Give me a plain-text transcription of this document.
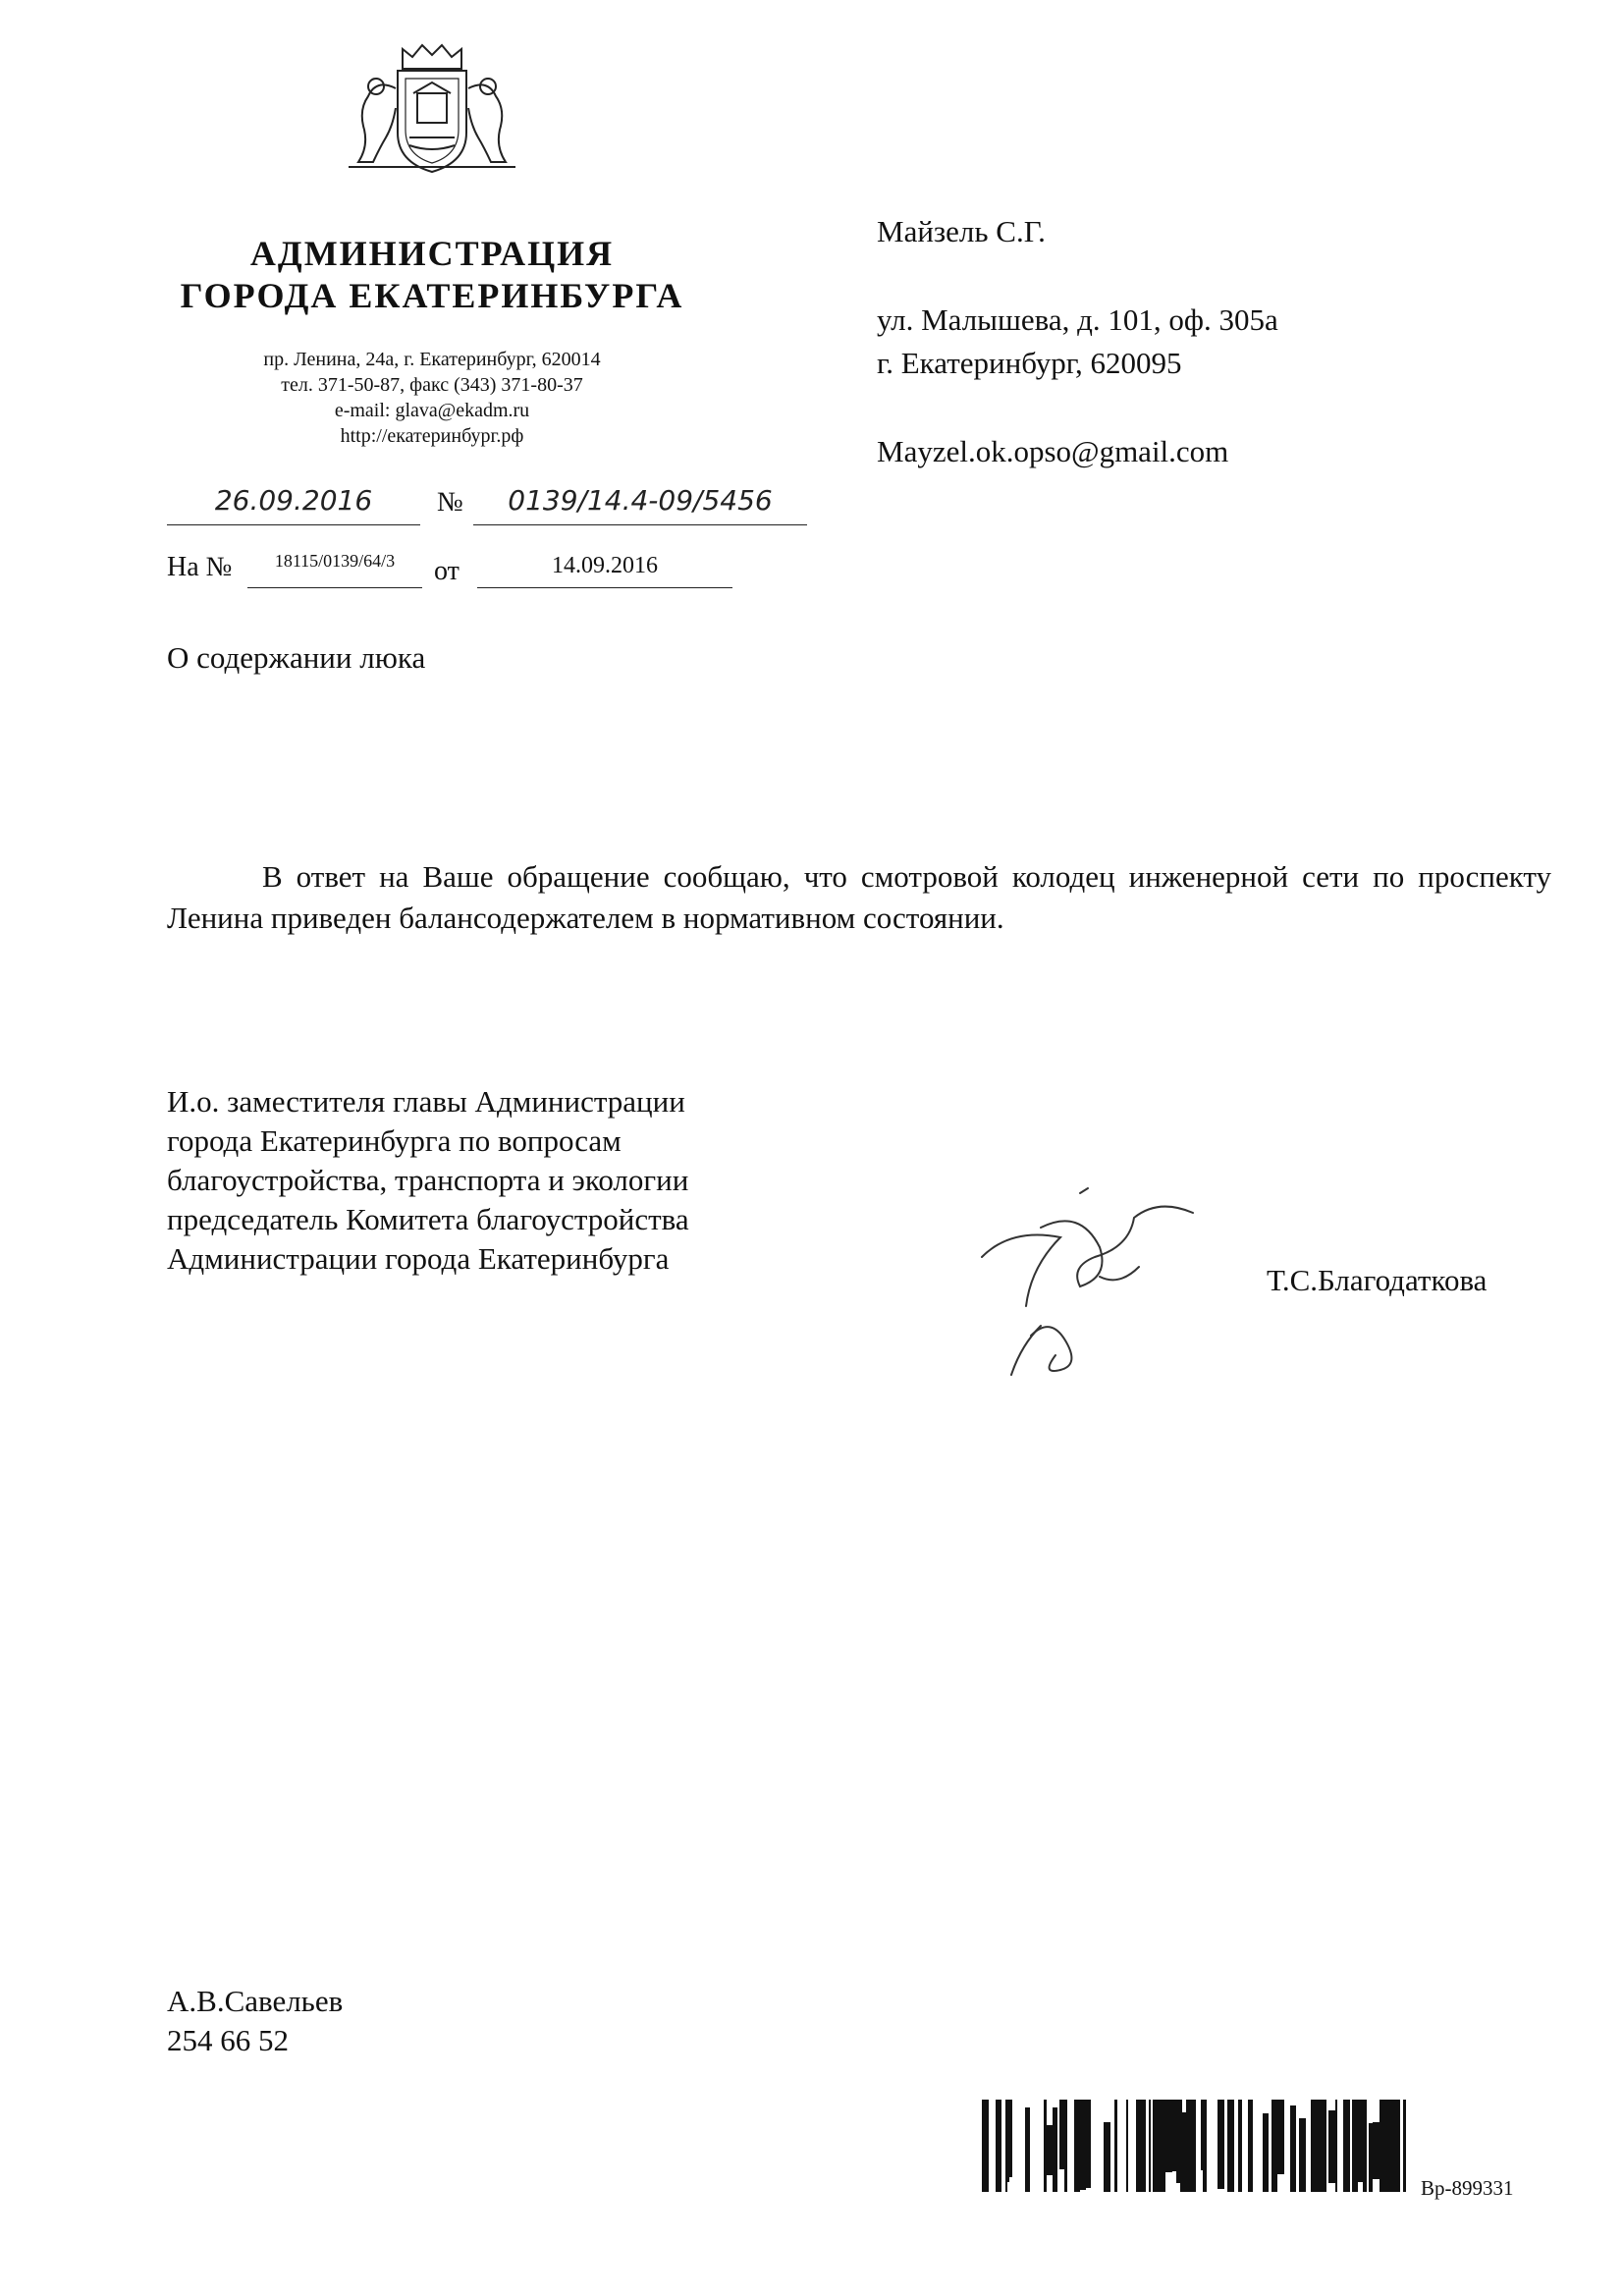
АДМИНИСТРАЦИЯ
ГОРОДА ЕКАТЕРИНБУРГА
пр. Ленина, 24а, г. Екатеринбург, 620014
тел. 371-50-87, факс (343) 371-80-37
e-mail: glava@ekadm.ru
http://екатеринбург.рф
26.09.2016	№	0139/14.4-09/5456
На №	18115/0139/64/3	от	14.09.2016
Майзель С.Г.
ул. Малышева, д. 101, оф. 305а
г. Екатеринбург, 620095
Mayzel.ok.opso@gmail.com
О содержании люка
В ответ на Ваше обращение сообщаю, что смотровой колодец инженерной сети по проспекту Ленина приведен балансодержателем в нормативном состоянии.
И.о. заместителя главы Администрации
города Екатеринбурга по вопросам
благоустройства, транспорта и экологии
председатель Комитета благоустройства
Администрации города Екатеринбурга
Т.С.Благодаткова
А.В.Савельев
254 66 52
Вр-899331
